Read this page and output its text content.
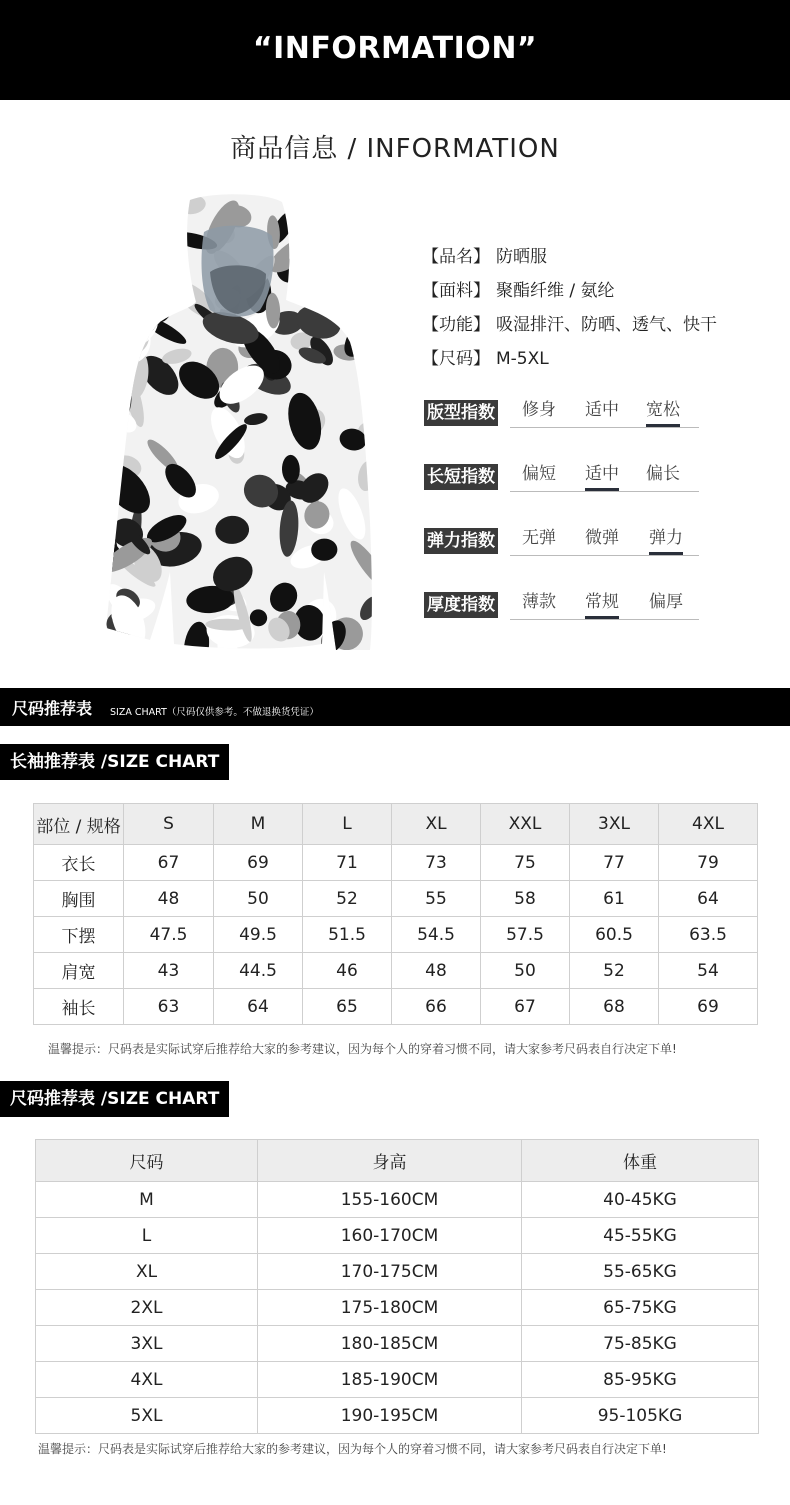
“INFORMATION”
商品信息 / INFORMATION
【品名】 防晒服
【面料】 聚酯纤维 / 氨纶
【功能】 吸湿排汗、防晒、透气、快干
【尺码】 M-5XL
版型指数 修身 适中 宽松
长短指数 偏短 适中 偏长
弹力指数 无弹 微弹 弹力
厚度指数 薄款 常规 偏厚
尺码推荐表 SIZA CHART（尺码仅供参考。不做退换货凭证）
长袖推荐表 /SIZE CHART
部位 / 规格	S	M	L	XL	XXL	3XL	4XL
衣长	67	69	71	73	75	77	79
胸围	48	50	52	55	58	61	64
下摆	47.5	49.5	51.5	54.5	57.5	60.5	63.5
肩宽	43	44.5	46	48	50	52	54
袖长	63	64	65	66	67	68	69
温馨提示：尺码表是实际试穿后推荐给大家的参考建议，因为每个人的穿着习惯不同，请大家参考尺码表自行决定下单!
尺码推荐表 /SIZE CHART
尺码	身高	体重
M	155-160CM	40-45KG
L	160-170CM	45-55KG
XL	170-175CM	55-65KG
2XL	175-180CM	65-75KG
3XL	180-185CM	75-85KG
4XL	185-190CM	85-95KG
5XL	190-195CM	95-105KG
温馨提示：尺码表是实际试穿后推荐给大家的参考建议，因为每个人的穿着习惯不同，请大家参考尺码表自行决定下单!
